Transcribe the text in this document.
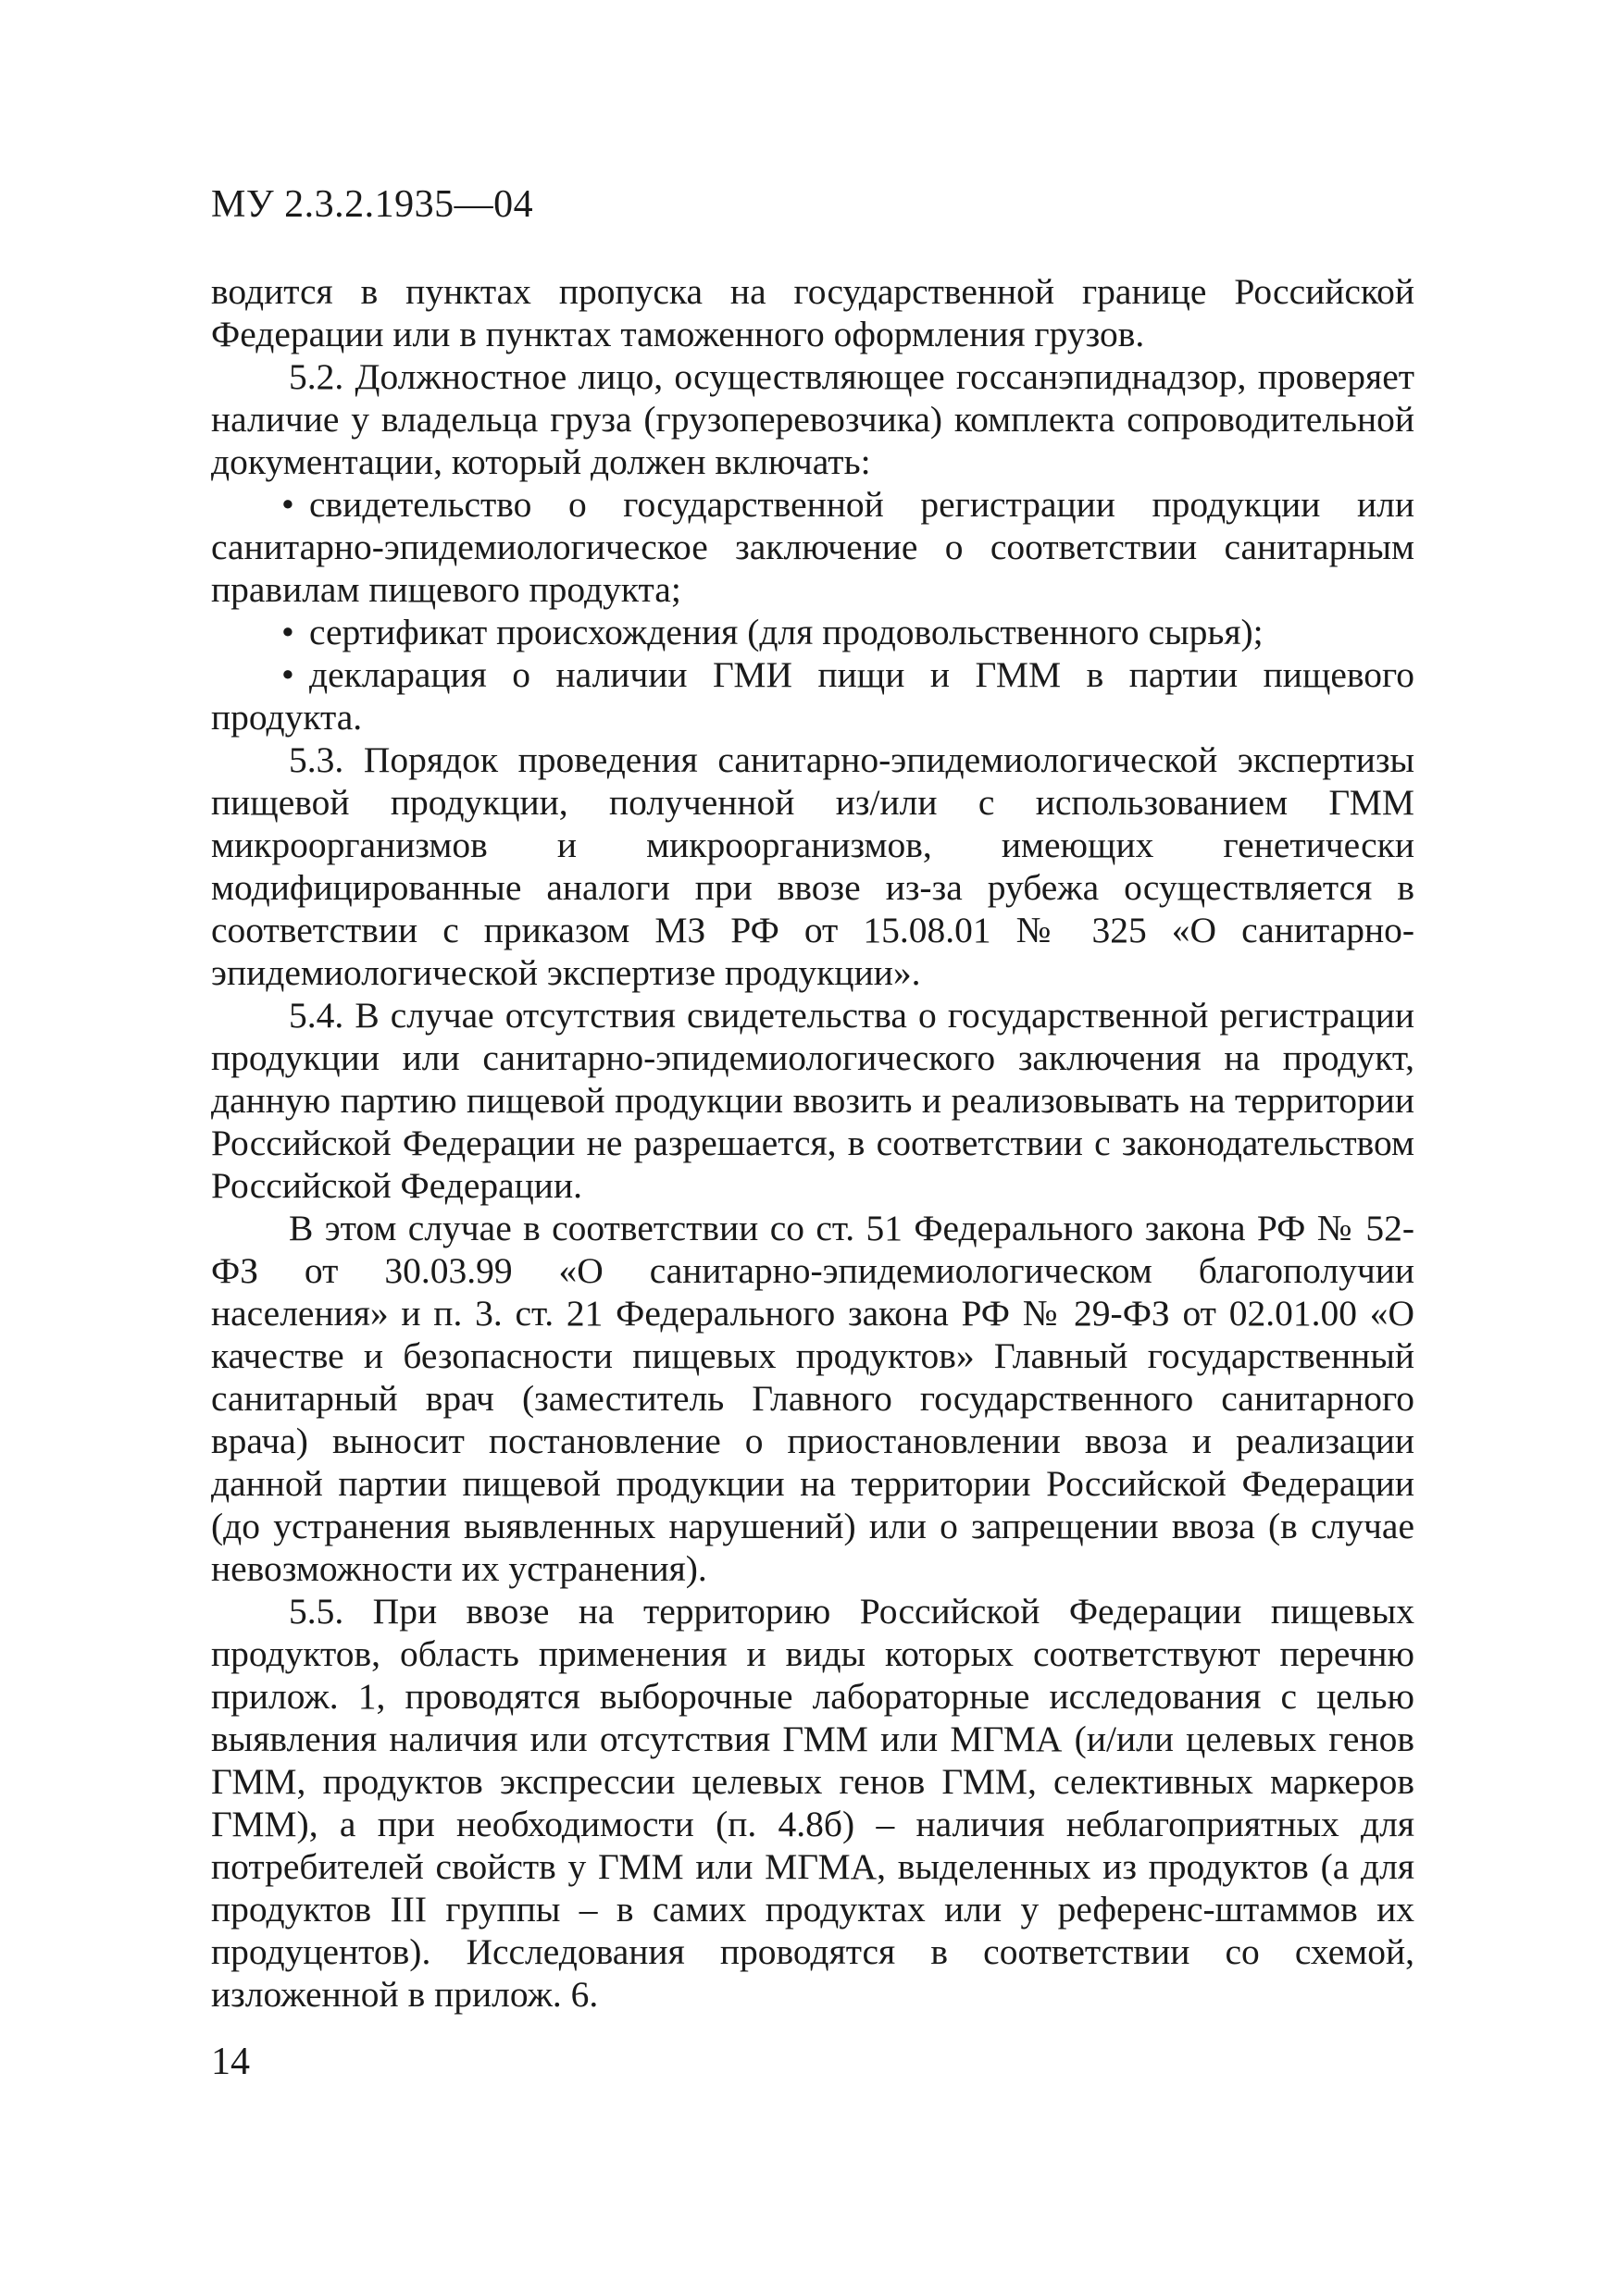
МУ 2.3.2.1935—04

водится в пунктах пропуска на государственной границе Российской Федерации или в пунктах таможенного оформления грузов.

5.2. Должностное лицо, осуществляющее госсанэпиднадзор, проверяет наличие у владельца груза (грузоперевозчика) комплекта сопроводительной документации, который должен включать:

• свидетельство о государственной регистрации продукции или санитарно-эпидемиологическое заключение о соответствии санитарным правилам пищевого продукта;

• сертификат происхождения (для продовольственного сырья);

• декларация о наличии ГМИ пищи и ГММ в партии пищевого продукта.

5.3. Порядок проведения санитарно-эпидемиологической экспертизы пищевой продукции, полученной из/или с использованием ГММ микроорганизмов и микроорганизмов, имеющих генетически модифицированные аналоги при ввозе из-за рубежа осуществляется в соответствии с приказом МЗ РФ от 15.08.01 № 325 «О санитарно-эпидемиологической экспертизе продукции».

5.4. В случае отсутствия свидетельства о государственной регистрации продукции или санитарно-эпидемиологического заключения на продукт, данную партию пищевой продукции ввозить и реализовывать на территории Российской Федерации не разрешается, в соответствии с законодательством Российской Федерации.

В этом случае в соответствии со ст. 51 Федерального закона РФ № 52-ФЗ от 30.03.99 «О санитарно-эпидемиологическом благополучии населения» и п. 3. ст. 21 Федерального закона РФ № 29-ФЗ от 02.01.00 «О качестве и безопасности пищевых продуктов» Главный государственный санитарный врач (заместитель Главного государственного санитарного врача) выносит постановление о приостановлении ввоза и реализации данной партии пищевой продукции на территории Российской Федерации (до устранения выявленных нарушений) или о запрещении ввоза (в случае невозможности их устранения).

5.5. При ввозе на территорию Российской Федерации пищевых продуктов, область применения и виды которых соответствуют перечню прилож. 1, проводятся выборочные лабораторные исследования с целью выявления наличия или отсутствия ГММ или МГМА (и/или целевых генов ГММ, продуктов экспрессии целевых генов ГММ, селективных маркеров ГММ), а при необходимости (п. 4.8б) – наличия неблагоприятных для потребителей свойств у ГММ или МГМА, выделенных из продуктов (а для продуктов III группы – в самих продуктах или у референс-штаммов их продуцентов). Исследования проводятся в соответствии со схемой, изложенной в прилож. 6.

14
